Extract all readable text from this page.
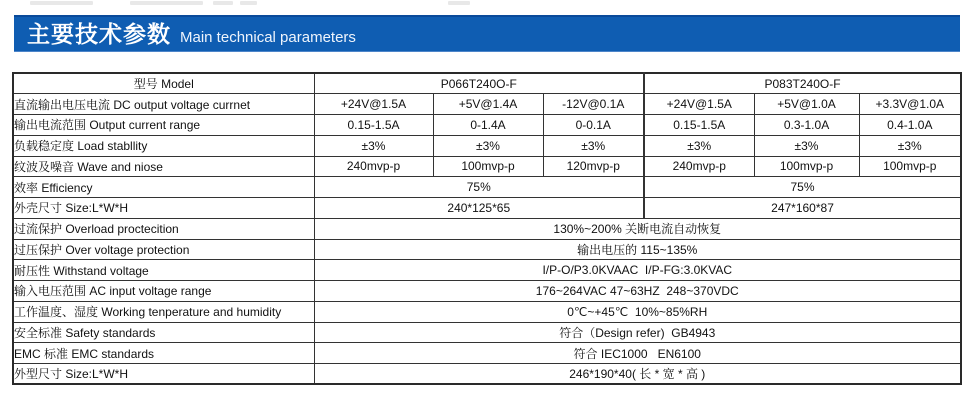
主要技术参数 Main technical parameters
型号 Model	P066T240O-F			P083T240O-F		
直流输出电压电流 DC output voltage currnet	+24V@1.5A	+5V@1.4A	-12V@0.1A	+24V@1.5A	+5V@1.0A	+3.3V@1.0A
输出电流范围 Output current range	0.15-1.5A	0-1.4A	0-0.1A	0.15-1.5A	0.3-1.0A	0.4-1.0A
负载稳定度 Load stabllity	±3%	±3%	±3%	±3%	±3%	±3%
纹波及噪音 Wave and niose	240mvp-p	100mvp-p	120mvp-p	240mvp-p	100mvp-p	100mvp-p
效率 Efficiency	75%			75%		
外壳尺寸 Size:L*W*H	240*125*65			247*160*87		
过流保护 Overload proctecition	130%~200% 关断电流自动恢复					
过压保护 Over voltage protection	输出电压的 115~135%					
耐压性 Withstand voltage	I/P-O/P3.0KVAAC  I/P-FG:3.0KVAC					
输入电压范围 AC input voltage range	176~264VAC 47~63HZ  248~370VDC					
工作温度、湿度 Working tenperature and humidity	0℃~+45℃  10%~85%RH					
安全标准 Safety standards	符合（Design refer)  GB4943					
EMC 标准 EMC standards	符合 IEC1000   EN6100					
外型尺寸 Size:L*W*H	246*190*40( 长 * 宽 * 高 )					
